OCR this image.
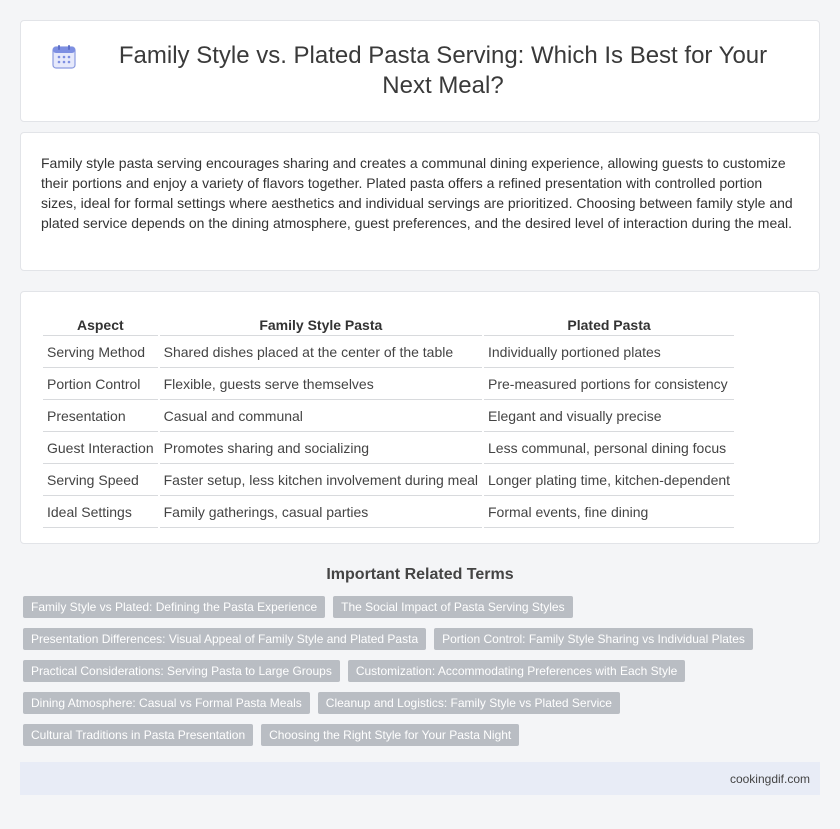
Family Style vs. Plated Pasta Serving: Which Is Best for Your Next Meal?

Family style pasta serving encourages sharing and creates a communal dining experience, allowing guests to customize their portions and enjoy a variety of flavors together. Plated pasta offers a refined presentation with controlled portion sizes, ideal for formal settings where aesthetics and individual servings are prioritized. Choosing between family style and plated service depends on the dining atmosphere, guest preferences, and the desired level of interaction during the meal.

Aspect	Family Style Pasta	Plated Pasta
Serving Method	Shared dishes placed at the center of the table	Individually portioned plates
Portion Control	Flexible, guests serve themselves	Pre-measured portions for consistency
Presentation	Casual and communal	Elegant and visually precise
Guest Interaction	Promotes sharing and socializing	Less communal, personal dining focus
Serving Speed	Faster setup, less kitchen involvement during meal	Longer plating time, kitchen-dependent
Ideal Settings	Family gatherings, casual parties	Formal events, fine dining
Important Related Terms
Family Style vs Plated: Defining the Pasta Experience	The Social Impact of Pasta Serving Styles
Presentation Differences: Visual Appeal of Family Style and Plated Pasta	Portion Control: Family Style Sharing vs Individual Plates
Practical Considerations: Serving Pasta to Large Groups	Customization: Accommodating Preferences with Each Style
Dining Atmosphere: Casual vs Formal Pasta Meals	Cleanup and Logistics: Family Style vs Plated Service
Cultural Traditions in Pasta Presentation	Choosing the Right Style for Your Pasta Night
cookingdif.com
